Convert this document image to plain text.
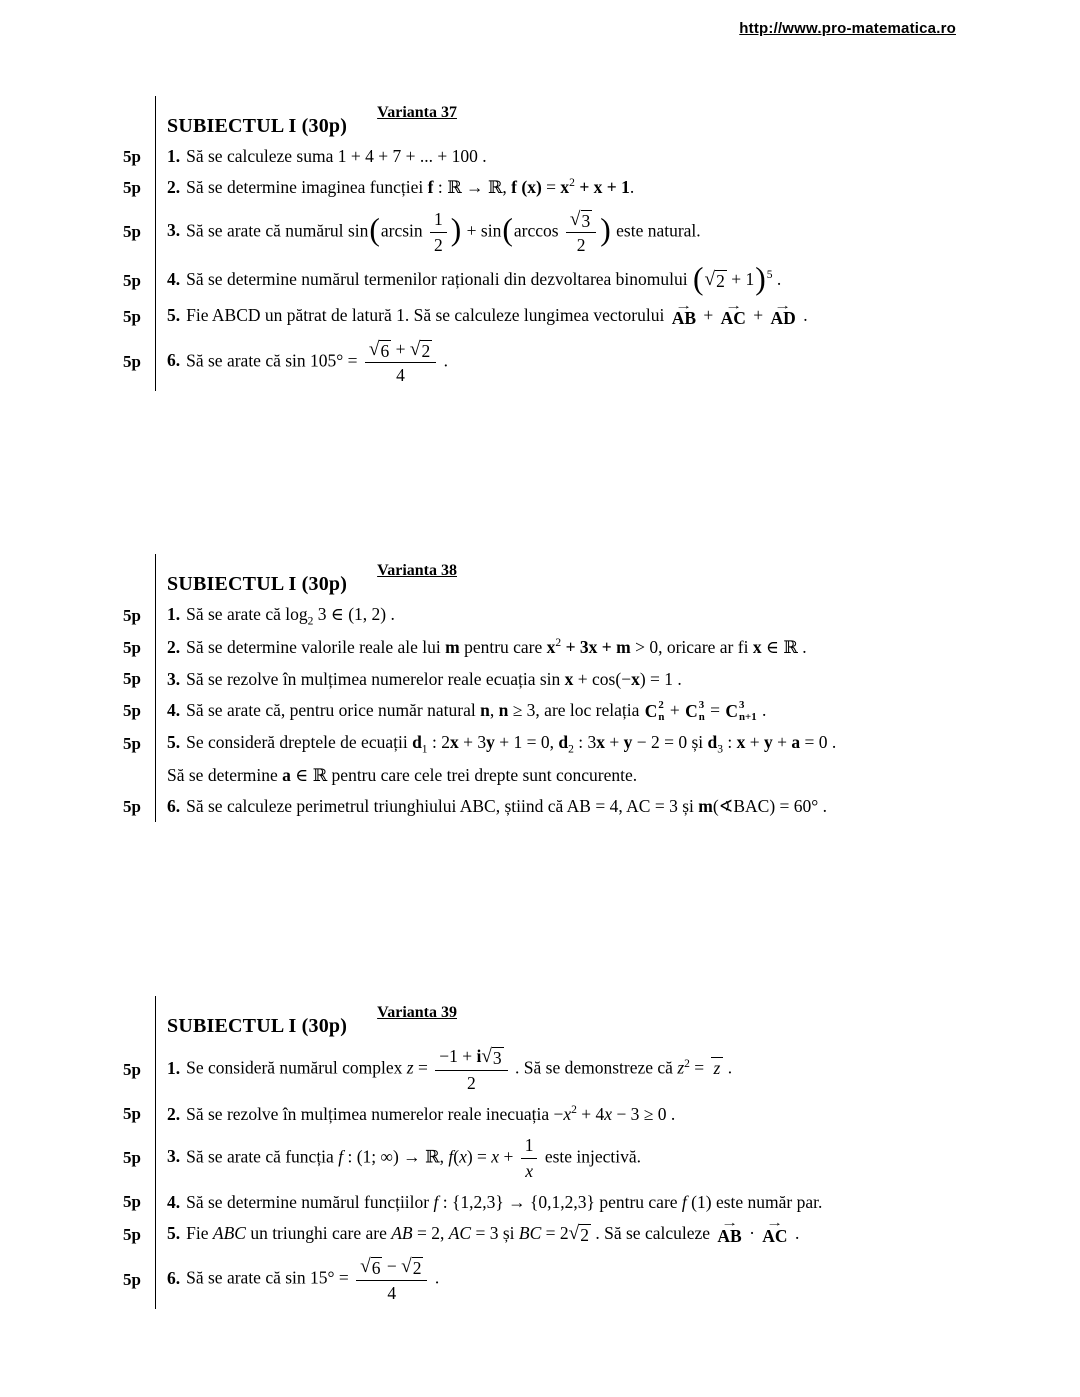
http://www.pro-matematica.ro
SUBIECTUL I (30p)
Varianta 37
5p	1. Să se calculeze suma 1 + 4 + 7 + ... + 100 .
5p	2. Să se determine imaginea funcției f : ℝ → ℝ, f $(x) = x^2 + x + 1$.
5p	3. Să se arate că numărul $\sin(\arcsin \frac{1}{2}$ ) + $\sin(\arccos \frac{√ 3}{2}$ ) este natural.
5p	4. Să se determine numărul termenilor raționali din dezvoltarea binomului ( √ 2 + 1)$^5$ .
5p	5. Fie ABCD un pătrat de latură 1. Să se calculeze lungimea vectorului →
AB + →
AC + →
AD .
5p	6. Să se arate că $\sin 105^\circ = \frac{√ 6 + √ 2}{4}$ .
SUBIECTUL I (30p)
Varianta 38
5p	1. Să se arate că $\log_2 3$ ∈ (1, 2) .
5p	2. Să se determine valorile reale ale lui m pentru care $x^2 + 3x + m > 0$, oricare ar fi x ∈ ℝ .
5p	3. Să se rezolve în mulțimea numerelor reale ecuația sin x + cos(−x) = 1 .
5p	4. Să se arate că, pentru orice număr natural n, n ≥ 3, are loc relația C 2
n + C 3
n = C 3
n+1 .
5p	5. Se consideră dreptele de ecuații $d_1$ : 2x + 3y + 1 = 0, $d_2$ : 3x + y − 2 = 0 și $d_3$ : x + y + a = 0 .
Să se determine a ∈ ℝ pentru care cele trei drepte sunt concurente.
5p	6. Să se calculeze perimetrul triunghiului ABC, știind că AB = 4, AC = 3 și m(∢BAC) = 60° .
SUBIECTUL I (30p)
Varianta 39
5p	1. Se consideră numărul complex $z = \frac{-1 + i √ 3}{2}$ . Să se demonstreze că $z^2 = z$ .
5p	2. Să se rezolve în mulțimea numerelor reale inecuația $-x^2 + 4x - 3 \ge 0$ .
5p	3. Să se arate că funcția f : (1; ∞) → ℝ, $f(x) = x + \frac{1}{x}$ este injectivă.
5p	4. Să se determine numărul funcțiilor f : {1,2,3} → {0,1,2,3} pentru care f (1) este număr par.
5p	5. Fie ABC un triunghi care are AB = 2, AC = 3 și BC = 2 √ 2 . Să se calculeze →
AB · →
AC .
5p	6. Să se arate că $\sin 15^\circ = \frac{√ 6 - √ 2}{4}$ .
